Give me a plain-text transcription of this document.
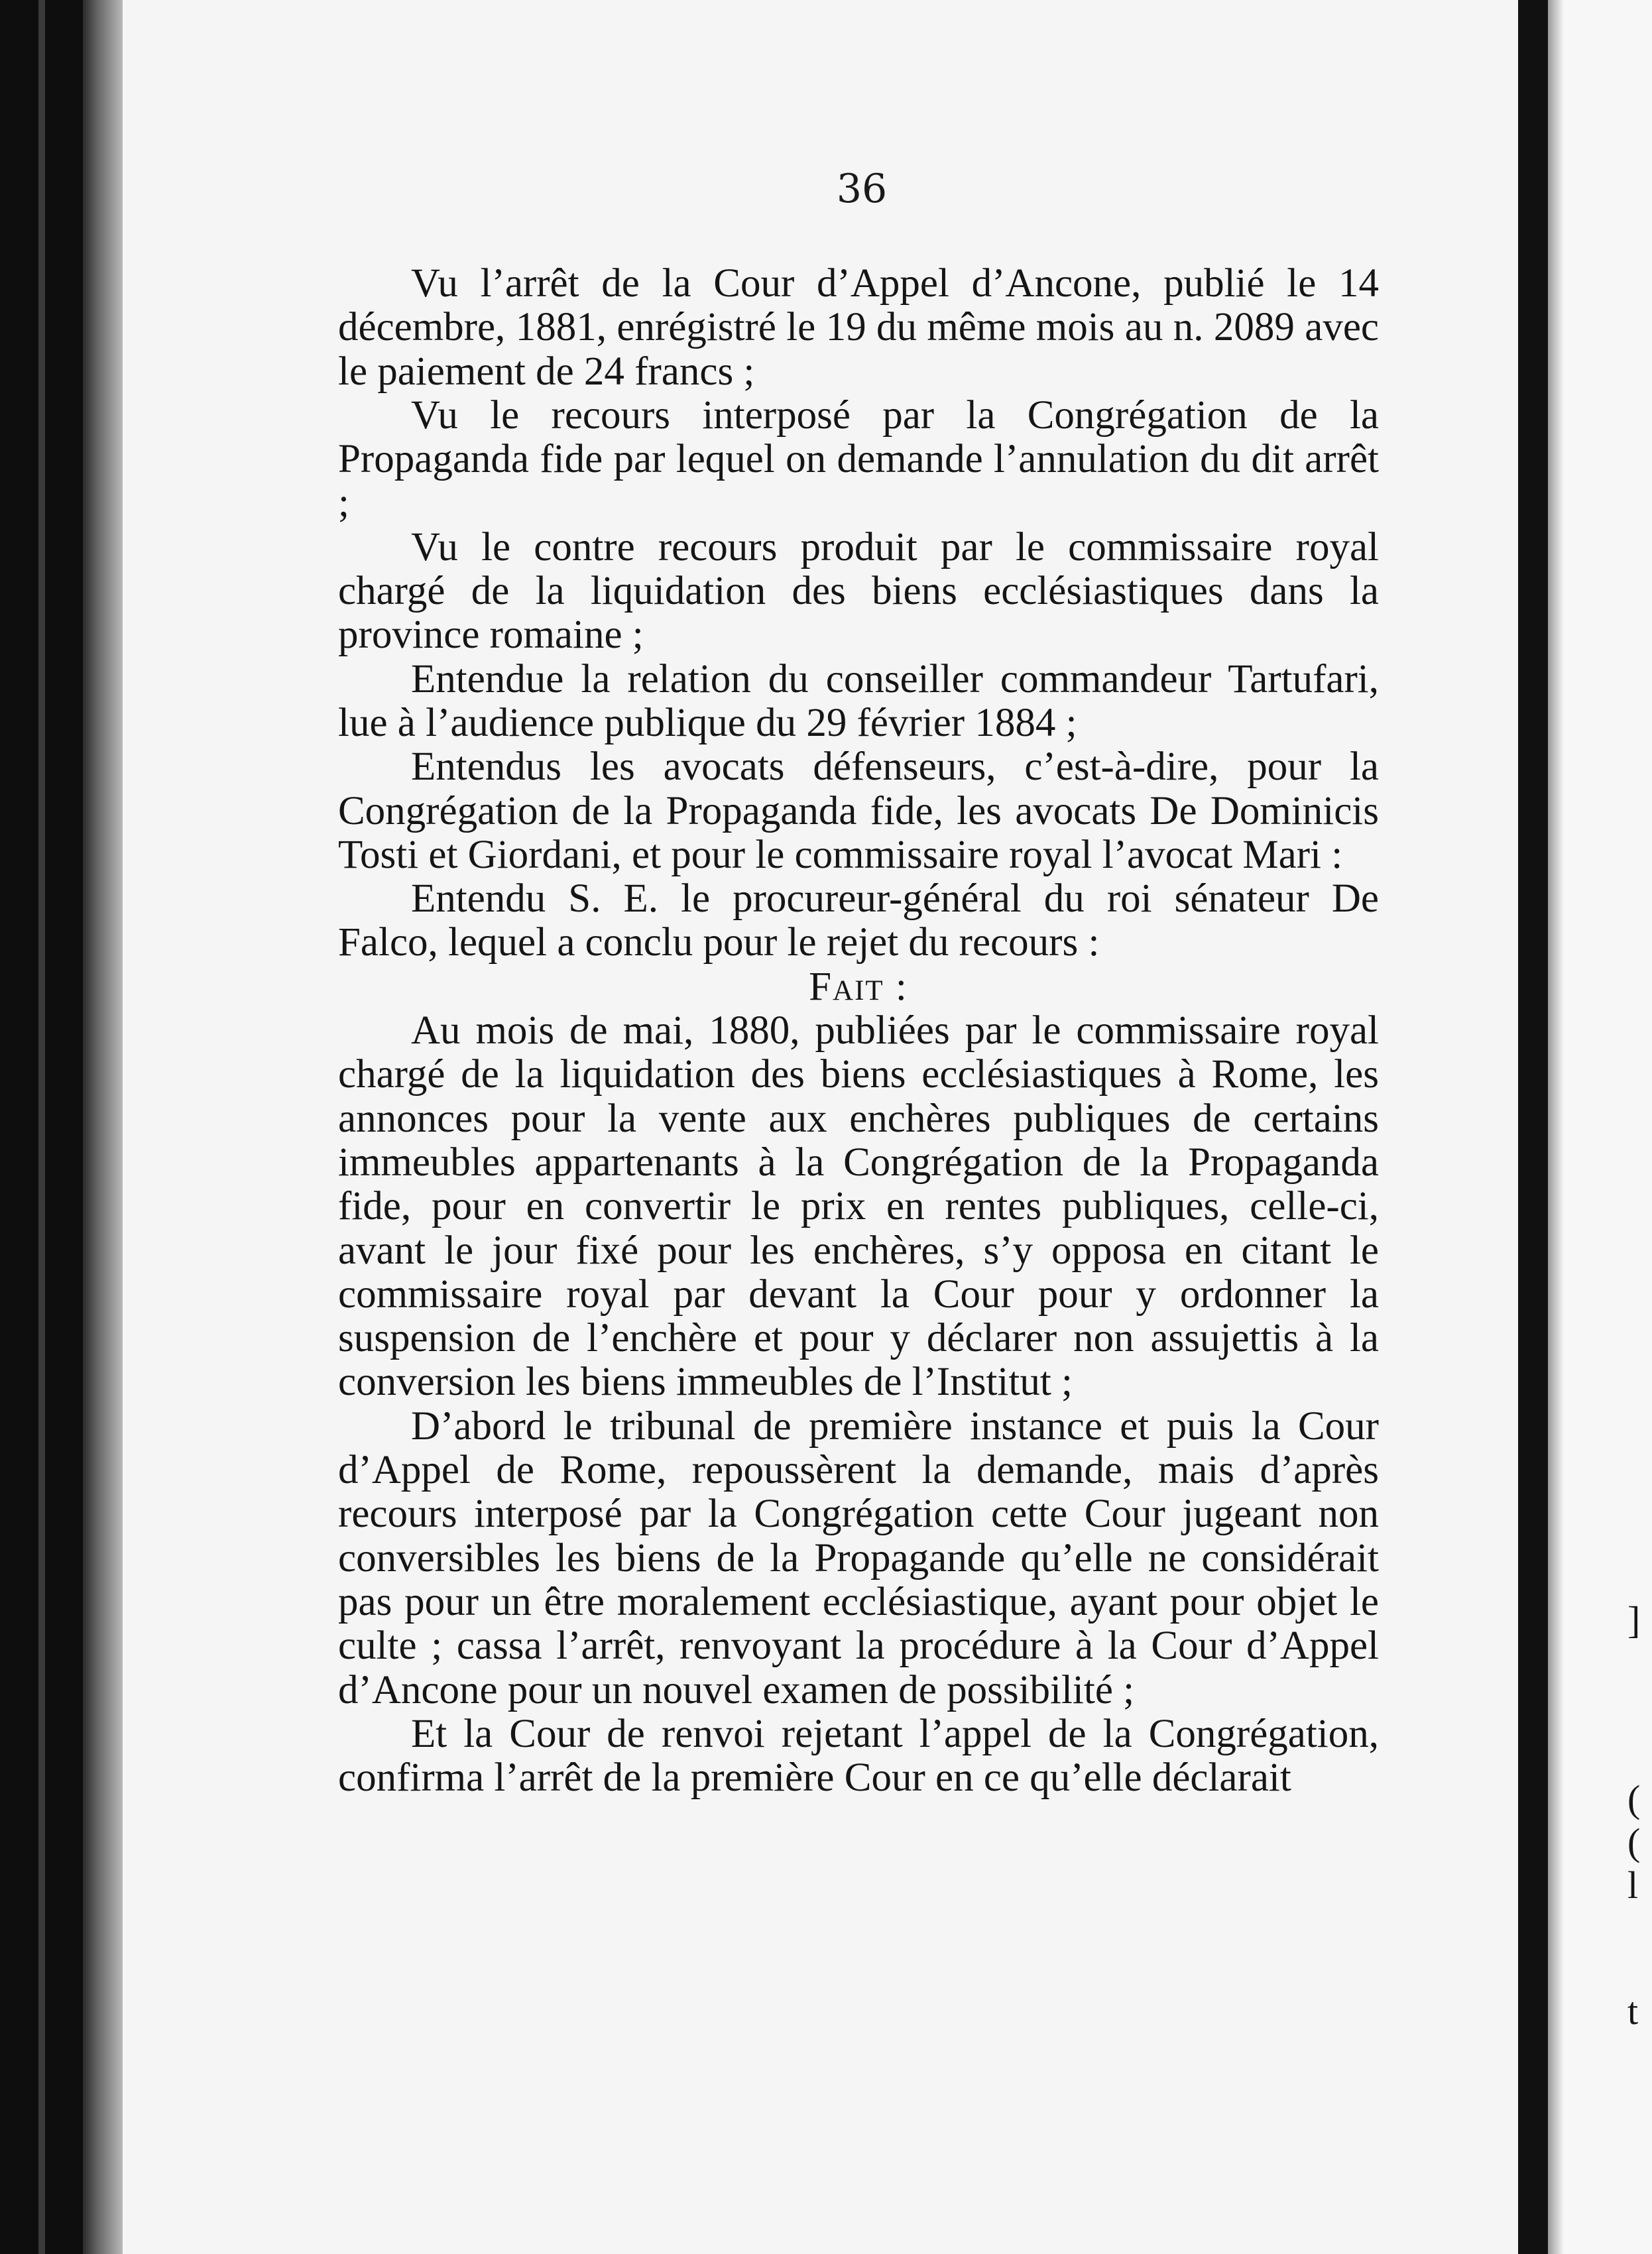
]
(
(
l
t
36

Vu l’arrêt de la Cour d’Appel d’Ancone, publié le 14 décembre, 1881, enrégistré le 19 du même mois au n. 2089 avec le paiement de 24 francs ;

Vu le recours interposé par la Congrégation de la Propaganda fide par lequel on demande l’annulation du dit arrêt ;

Vu le contre recours produit par le commissaire royal chargé de la liquidation des biens ecclésiastiques dans la province romaine ;

Entendue la relation du conseiller commandeur Tartufari, lue à l’audience publique du 29 février 1884 ;

Entendus les avocats défenseurs, c’est-à-dire, pour la Congrégation de la Propaganda fide, les avocats De Dominicis Tosti et Giordani, et pour le commissaire royal l’avocat Mari :

Entendu S. E. le procureur-général du roi sénateur De Falco, lequel a conclu pour le rejet du recours :

Fait :

Au mois de mai, 1880, publiées par le commissaire royal chargé de la liquidation des biens ecclésiastiques à Rome, les annonces pour la vente aux enchères publiques de certains immeubles appartenants à la Congrégation de la Propaganda fide, pour en convertir le prix en rentes publiques, celle-ci, avant le jour fixé pour les enchères, s’y opposa en citant le commissaire royal par devant la Cour pour y ordonner la suspension de l’enchère et pour y déclarer non assujettis à la conversion les biens immeubles de l’Institut ;

D’abord le tribunal de première instance et puis la Cour d’Appel de Rome, repoussèrent la demande, mais d’après recours interposé par la Congrégation cette Cour jugeant non conversibles les biens de la Propagande qu’elle ne considérait pas pour un être moralement ecclésiastique, ayant pour objet le culte ; cassa l’arrêt, renvoyant la procédure à la Cour d’Appel d’Ancone pour un nouvel examen de possibilité ;

Et la Cour de renvoi rejetant l’appel de la Congrégation, confirma l’arrêt de la première Cour en ce qu’elle déclarait
